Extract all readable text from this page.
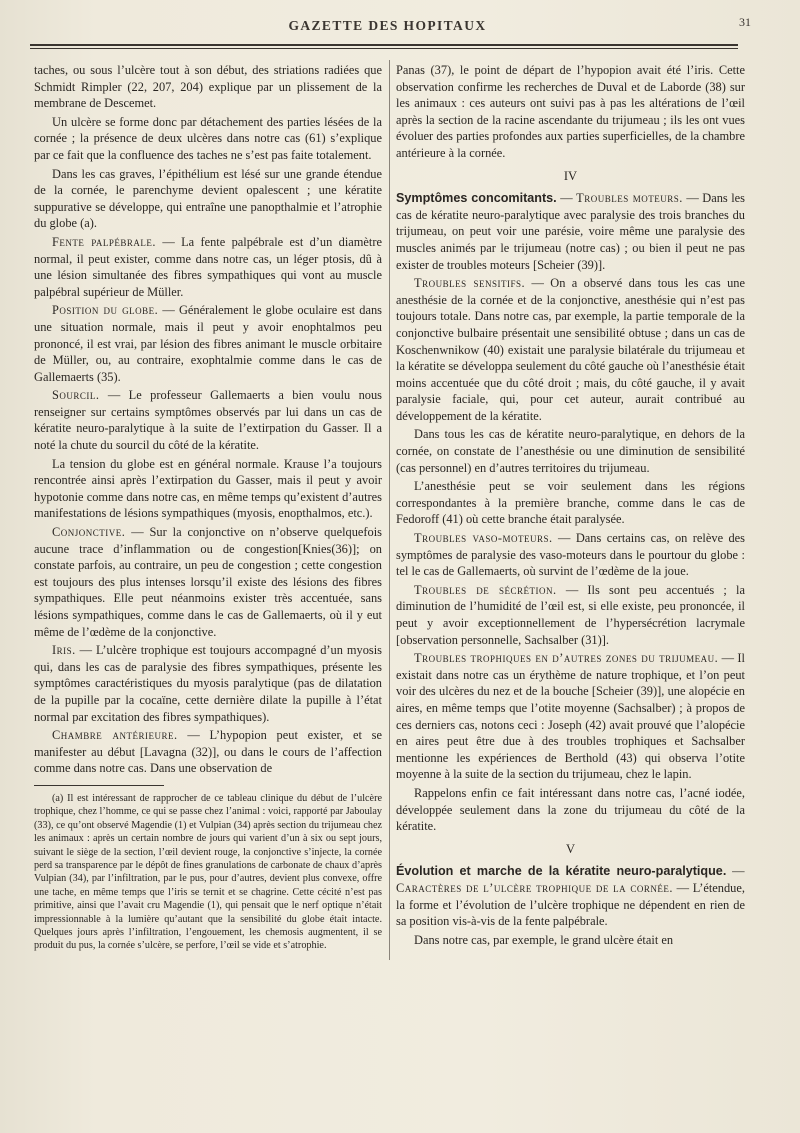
GAZETTE DES HOPITAUX	31

taches, ou sous l’ulcère tout à son début, des striations radiées que Schmidt Rimpler (22, 207, 204) explique par un plissement de la membrane de Descemet.

Un ulcère se forme donc par détachement des parties lésées de la cornée ; la présence de deux ulcères dans notre cas (61) s’explique par ce fait que la confluence des taches ne s’est pas faite totalement.

Dans les cas graves, l’épithélium est lésé sur une grande étendue de la cornée, le parenchyme devient opalescent ; une kératite suppurative se développe, qui entraîne une panopthalmie et l’atrophie du globe (a).

Fente palpébrale. — La fente palpébrale est d’un diamètre normal, il peut exister, comme dans notre cas, un léger ptosis, dû à une lésion simultanée des fibres sympathiques qui vont au muscle palpébral supérieur de Müller.

Position du globe. — Généralement le globe oculaire est dans une situation normale, mais il peut y avoir enophtalmos peu prononcé, il est vrai, par lésion des fibres animant le muscle orbitaire de Müller, ou, au contraire, exophtalmie comme dans le cas de Gallemaerts (35).

Sourcil. — Le professeur Gallemaerts a bien voulu nous renseigner sur certains symptômes observés par lui dans un cas de kératite neuro-paralytique à la suite de l’extirpation du Gasser. Il a noté la chute du sourcil du côté de la kératite.

La tension du globe est en général normale. Krause l’a toujours rencontrée ainsi après l’extirpation du Gasser, mais il peut y avoir hypotonie comme dans notre cas, en même temps qu’existent d’autres manifestations de lésions sympathiques (myosis, enopthalmos, etc.).

Conjonctive. — Sur la conjonctive on n’observe quelquefois aucune trace d’inflammation ou de congestion[Knies(36)]; on constate parfois, au contraire, un peu de congestion ; cette congestion est toujours des plus intenses lorsqu’il existe des lésions des fibres sympathiques. Elle peut néanmoins exister très accentuée, sans lésions sympathiques, comme dans le cas de Gallemaerts, où il y eut même de l’œdème de la conjonctive.

Iris. — L’ulcère trophique est toujours accompagné d’un myosis qui, dans les cas de paralysie des fibres sympathiques, présente les symptômes caractéristiques du myosis paralytique (pas de dilatation de la pupille par la cocaïne, cette dernière dilate la pupille à l’état normal par excitation des fibres sympathiques).

Chambre antérieure. — L’hypopion peut exister, et se manifester au début [Lavagna (32)], ou dans le cours de l’affection comme dans notre cas. Dans une observation de

(a) Il est intéressant de rapprocher de ce tableau clinique du début de l’ulcère trophique, chez l’homme, ce qui se passe chez l’animal : voici, rapporté par Jaboulay (33), ce qu’ont observé Magendie (1) et Vulpian (34) après section du trijumeau chez les animaux : après un certain nombre de jours qui varient d’un à six ou sept jours, suivant le siège de la section, l’œil devient rouge, la conjonctive s’injecte, la cornée perd sa transparence par le dépôt de fines granulations de carbonate de chaux d’après Vulpian (34), par l’infiltration, par le pus, pour d’autres, devient plus convexe, offre une tache, en même temps que l’iris se ternit et se chagrine. Cette cécité n’est pas primitive, ainsi que l’avait cru Magendie (1), qui pensait que le nerf optique n’était impressionnable à la lumière qu’autant que la sensibilité du globe était intacte. Quelques jours après l’infiltration, l’engouement, les chemosis augmentent, il se produit du pus, la cornée s’ulcère, se perfore, l’œil se vide et s’atrophie.

Panas (37), le point de départ de l’hypopion avait été l’iris. Cette observation confirme les recherches de Duval et de Laborde (38) sur les animaux : ces auteurs ont suivi pas à pas les altérations de l’œil après la section de la racine ascendante du trijumeau ; ils les ont vues évoluer des parties profondes aux parties superficielles, de la chambre antérieure à la cornée.

IV

Symptômes concomitants. — Troubles moteurs. — Dans les cas de kératite neuro-paralytique avec paralysie des trois branches du trijumeau, on peut voir une parésie, voire même une paralysie des muscles animés par le trijumeau (notre cas) ; ou bien il peut ne pas exister de troubles moteurs [Scheier (39)].

Troubles sensitifs. — On a observé dans tous les cas une anesthésie de la cornée et de la conjonctive, anesthésie qui n’est pas toujours totale. Dans notre cas, par exemple, la partie temporale de la conjonctive bulbaire présentait une sensibilité obtuse ; dans un cas de Koschenwnikow (40) existait une paralysie bilatérale du trijumeau et la kératite se développa seulement du côté gauche où l’anesthésie était moins accentuée que du côté droit ; mais, du côté gauche, il y avait paralysie faciale, qui, pour cet auteur, aurait contribué au développement de la kératite.

Dans tous les cas de kératite neuro-paralytique, en dehors de la cornée, on constate de l’anesthésie ou une diminution de sensibilité (cas personnel) en d’autres territoires du trijumeau.

L’anesthésie peut se voir seulement dans les régions correspondantes à la première branche, comme dans le cas de Fedoroff (41) où cette branche était paralysée.

Troubles vaso-moteurs. — Dans certains cas, on relève des symptômes de paralysie des vaso-moteurs dans le pourtour du globe : tel le cas de Gallemaerts, où survint de l’œdème de la joue.

Troubles de sécrétion. — Ils sont peu accentués ; la diminution de l’humidité de l’œil est, si elle existe, peu prononcée, il peut y avoir exceptionnellement de l’hypersécrétion lacrymale [observation personnelle, Sachsalber (31)].

Troubles trophiques en d’autres zones du trijumeau. — Il existait dans notre cas un érythème de nature trophique, et l’on peut voir des ulcères du nez et de la bouche [Scheier (39)], une alopécie en aires, en même temps que l’otite moyenne (Sachsalber) ; à propos de ces derniers cas, notons ceci : Joseph (42) avait prouvé que l’alopécie en aires peut être due à des troubles trophiques et Sachsalber mentionne les expériences de Berthold (43) qui observa l’otite moyenne à la suite de la section du trijumeau, chez le lapin.

Rappelons enfin ce fait intéressant dans notre cas, l’acné iodée, développée seulement dans la zone du trijumeau du côté de la kératite.

V

Évolution et marche de la kératite neuro-paralytique. — Caractères de l’ulcère trophique de la cornée. — L’étendue, la forme et l’évolution de l’ulcère trophique ne dépendent en rien de sa position vis-à-vis de la fente palpébrale.

Dans notre cas, par exemple, le grand ulcère était en
